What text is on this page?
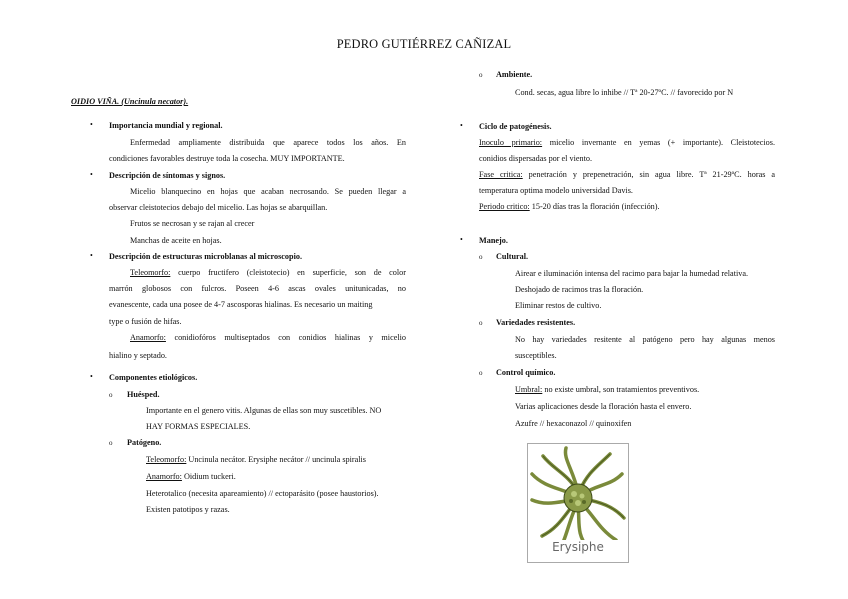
PEDRO GUTIÉRREZ CAÑIZAL
OIDIO VIÑA. (Uncinula necator).
• Importancia mundial y regional.
Enfermedad ampliamente distribuida que aparece todos los años. En
condiciones favorables destruye toda la cosecha. MUY IMPORTANTE.
• Descripción de síntomas y signos.
Micelio blanquecino en hojas que acaban necrosando. Se pueden llegar a
observar cleistotecios debajo del micelio. Las hojas se abarquillan.
Frutos se necrosan y se rajan al crecer
Manchas de aceite en hojas.
• Descripción de estructuras microblanas al microscopio.
Teleomorfo: cuerpo fructifero (cleistotecio) en superficie, son de color
marrón globosos con fulcros. Poseen 4-6 ascas ovales unitunicadas, no
evanescente, cada una posee de 4-7 ascosporas hialinas. Es necesario un maiting
type o fusión de hifas.
Anamorfo: conidiofóros multiseptados con conidios hialinas y micelio
hialino y septado.
• Componentes etiológicos.
o Huésped.
Importante en el genero vitis. Algunas de ellas son muy suscetibles. NO
HAY FORMAS ESPECIALES.
o Patógeno.
Teleomorfo: Uncinula necátor. Erysiphe necátor // uncinula spiralis
Anamorfo: Oidium tuckeri.
Heterotalico (necesita apareamiento) // ectoparásito (posee haustorios).
Existen patotipos y razas.
o Ambiente.
Cond. secas, agua libre lo inhibe // Tª 20-27ºC. // favorecido por N
• Ciclo de patogénesis.
Inoculo primario: micelio invernante en yemas (+ importante). Cleistotecios.
conidios dispersadas por el viento.
Fase critica: penetración y prepenetración, sin agua libre. Tª 21-29ºC. horas a
temperatura optima modelo universidad Davis.
Periodo critico: 15-20 días tras la floración (infección).
• Manejo.
o Cultural.
Airear e iluminación intensa del racimo para bajar la humedad relativa.
Deshojado de racimos tras la floración.
Eliminar restos de cultivo.
o Variedades resistentes.
No hay variedades resitente al patógeno pero hay algunas menos
susceptibles.
o Control químico.
Umbral: no existe umbral, son tratamientos preventivos.
Varias aplicaciones desde la floración hasta el envero.
Azufre // hexaconazol // quinoxifen
Erysiphe
